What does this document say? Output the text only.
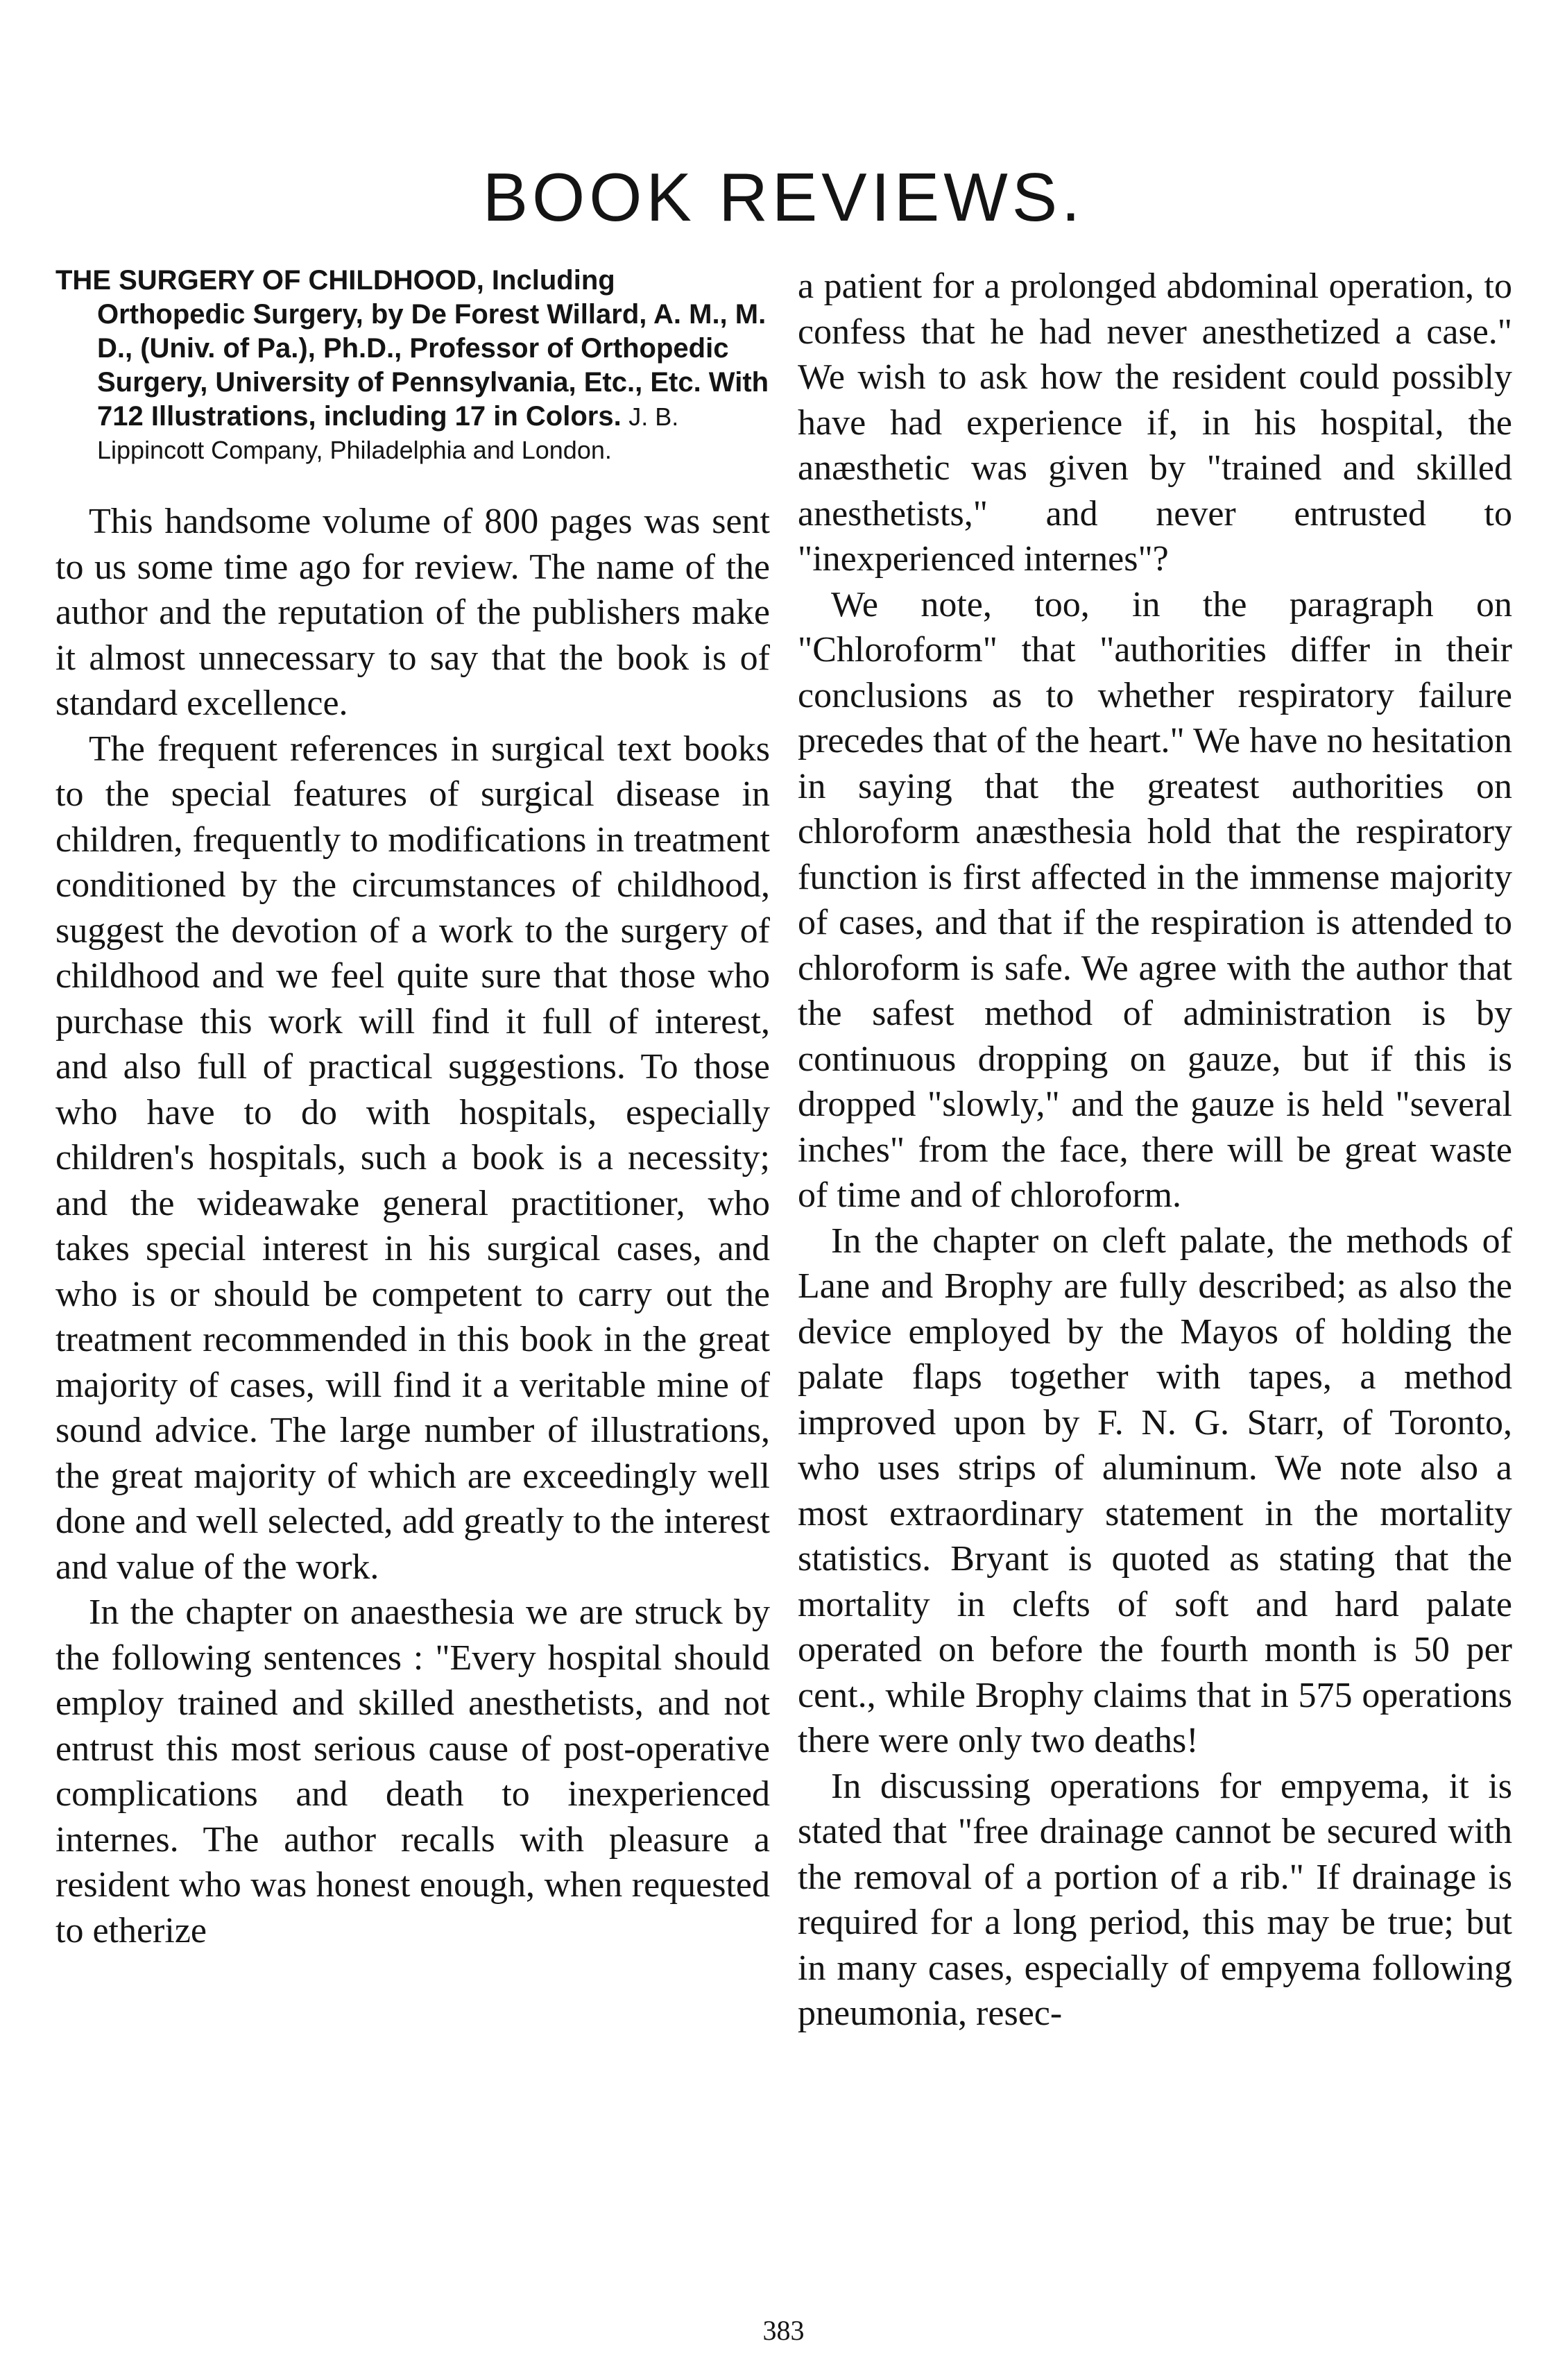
BOOK REVIEWS.

THE SURGERY OF CHILDHOOD, Including Orthopedic Surgery, by De Forest Willard, A. M., M. D., (Univ. of Pa.), Ph.D., Professor of Orthopedic Surgery, University of Pennsylvania, Etc., Etc. With 712 Illustrations, including 17 in Colors. J. B. Lippincott Company, Philadelphia and London.

This handsome volume of 800 pages was sent to us some time ago for review. The name of the author and the reputation of the publishers make it almost unnecessary to say that the book is of standard excellence.

The frequent references in surgical text books to the special features of surgical disease in children, frequently to modifications in treatment conditioned by the circumstances of childhood, suggest the devotion of a work to the surgery of childhood and we feel quite sure that those who purchase this work will find it full of interest, and also full of practical suggestions. To those who have to do with hospitals, especially children's hospitals, such a book is a necessity; and the wideawake general practitioner, who takes special interest in his surgical cases, and who is or should be competent to carry out the treatment recommended in this book in the great majority of cases, will find it a veritable mine of sound advice. The large number of illustrations, the great majority of which are exceedingly well done and well selected, add greatly to the interest and value of the work.

In the chapter on anaesthesia we are struck by the following sentences : "Every hospital should employ trained and skilled anesthetists, and not entrust this most serious cause of post-operative complications and death to inexperienced internes. The author recalls with pleasure a resident who was honest enough, when requested to etherize

a patient for a prolonged abdominal operation, to confess that he had never anesthetized a case." We wish to ask how the resident could possibly have had experience if, in his hospital, the anæsthetic was given by "trained and skilled anesthetists," and never entrusted to "inexperienced internes"?

We note, too, in the paragraph on "Chloroform" that "authorities differ in their conclusions as to whether respiratory failure precedes that of the heart." We have no hesitation in saying that the greatest authorities on chloroform anæsthesia hold that the respiratory function is first affected in the immense majority of cases, and that if the respiration is attended to chloroform is safe. We agree with the author that the safest method of administration is by continuous dropping on gauze, but if this is dropped "slowly," and the gauze is held "several inches" from the face, there will be great waste of time and of chloroform.

In the chapter on cleft palate, the methods of Lane and Brophy are fully described; as also the device employed by the Mayos of holding the palate flaps together with tapes, a method improved upon by F. N. G. Starr, of Toronto, who uses strips of aluminum. We note also a most extraordinary statement in the mortality statistics. Bryant is quoted as stating that the mortality in clefts of soft and hard palate operated on before the fourth month is 50 per cent., while Brophy claims that in 575 operations there were only two deaths!

In discussing operations for empyema, it is stated that "free drainage cannot be secured with the removal of a portion of a rib." If drainage is required for a long period, this may be true; but in many cases, especially of empyema following pneumonia, resec-

383
